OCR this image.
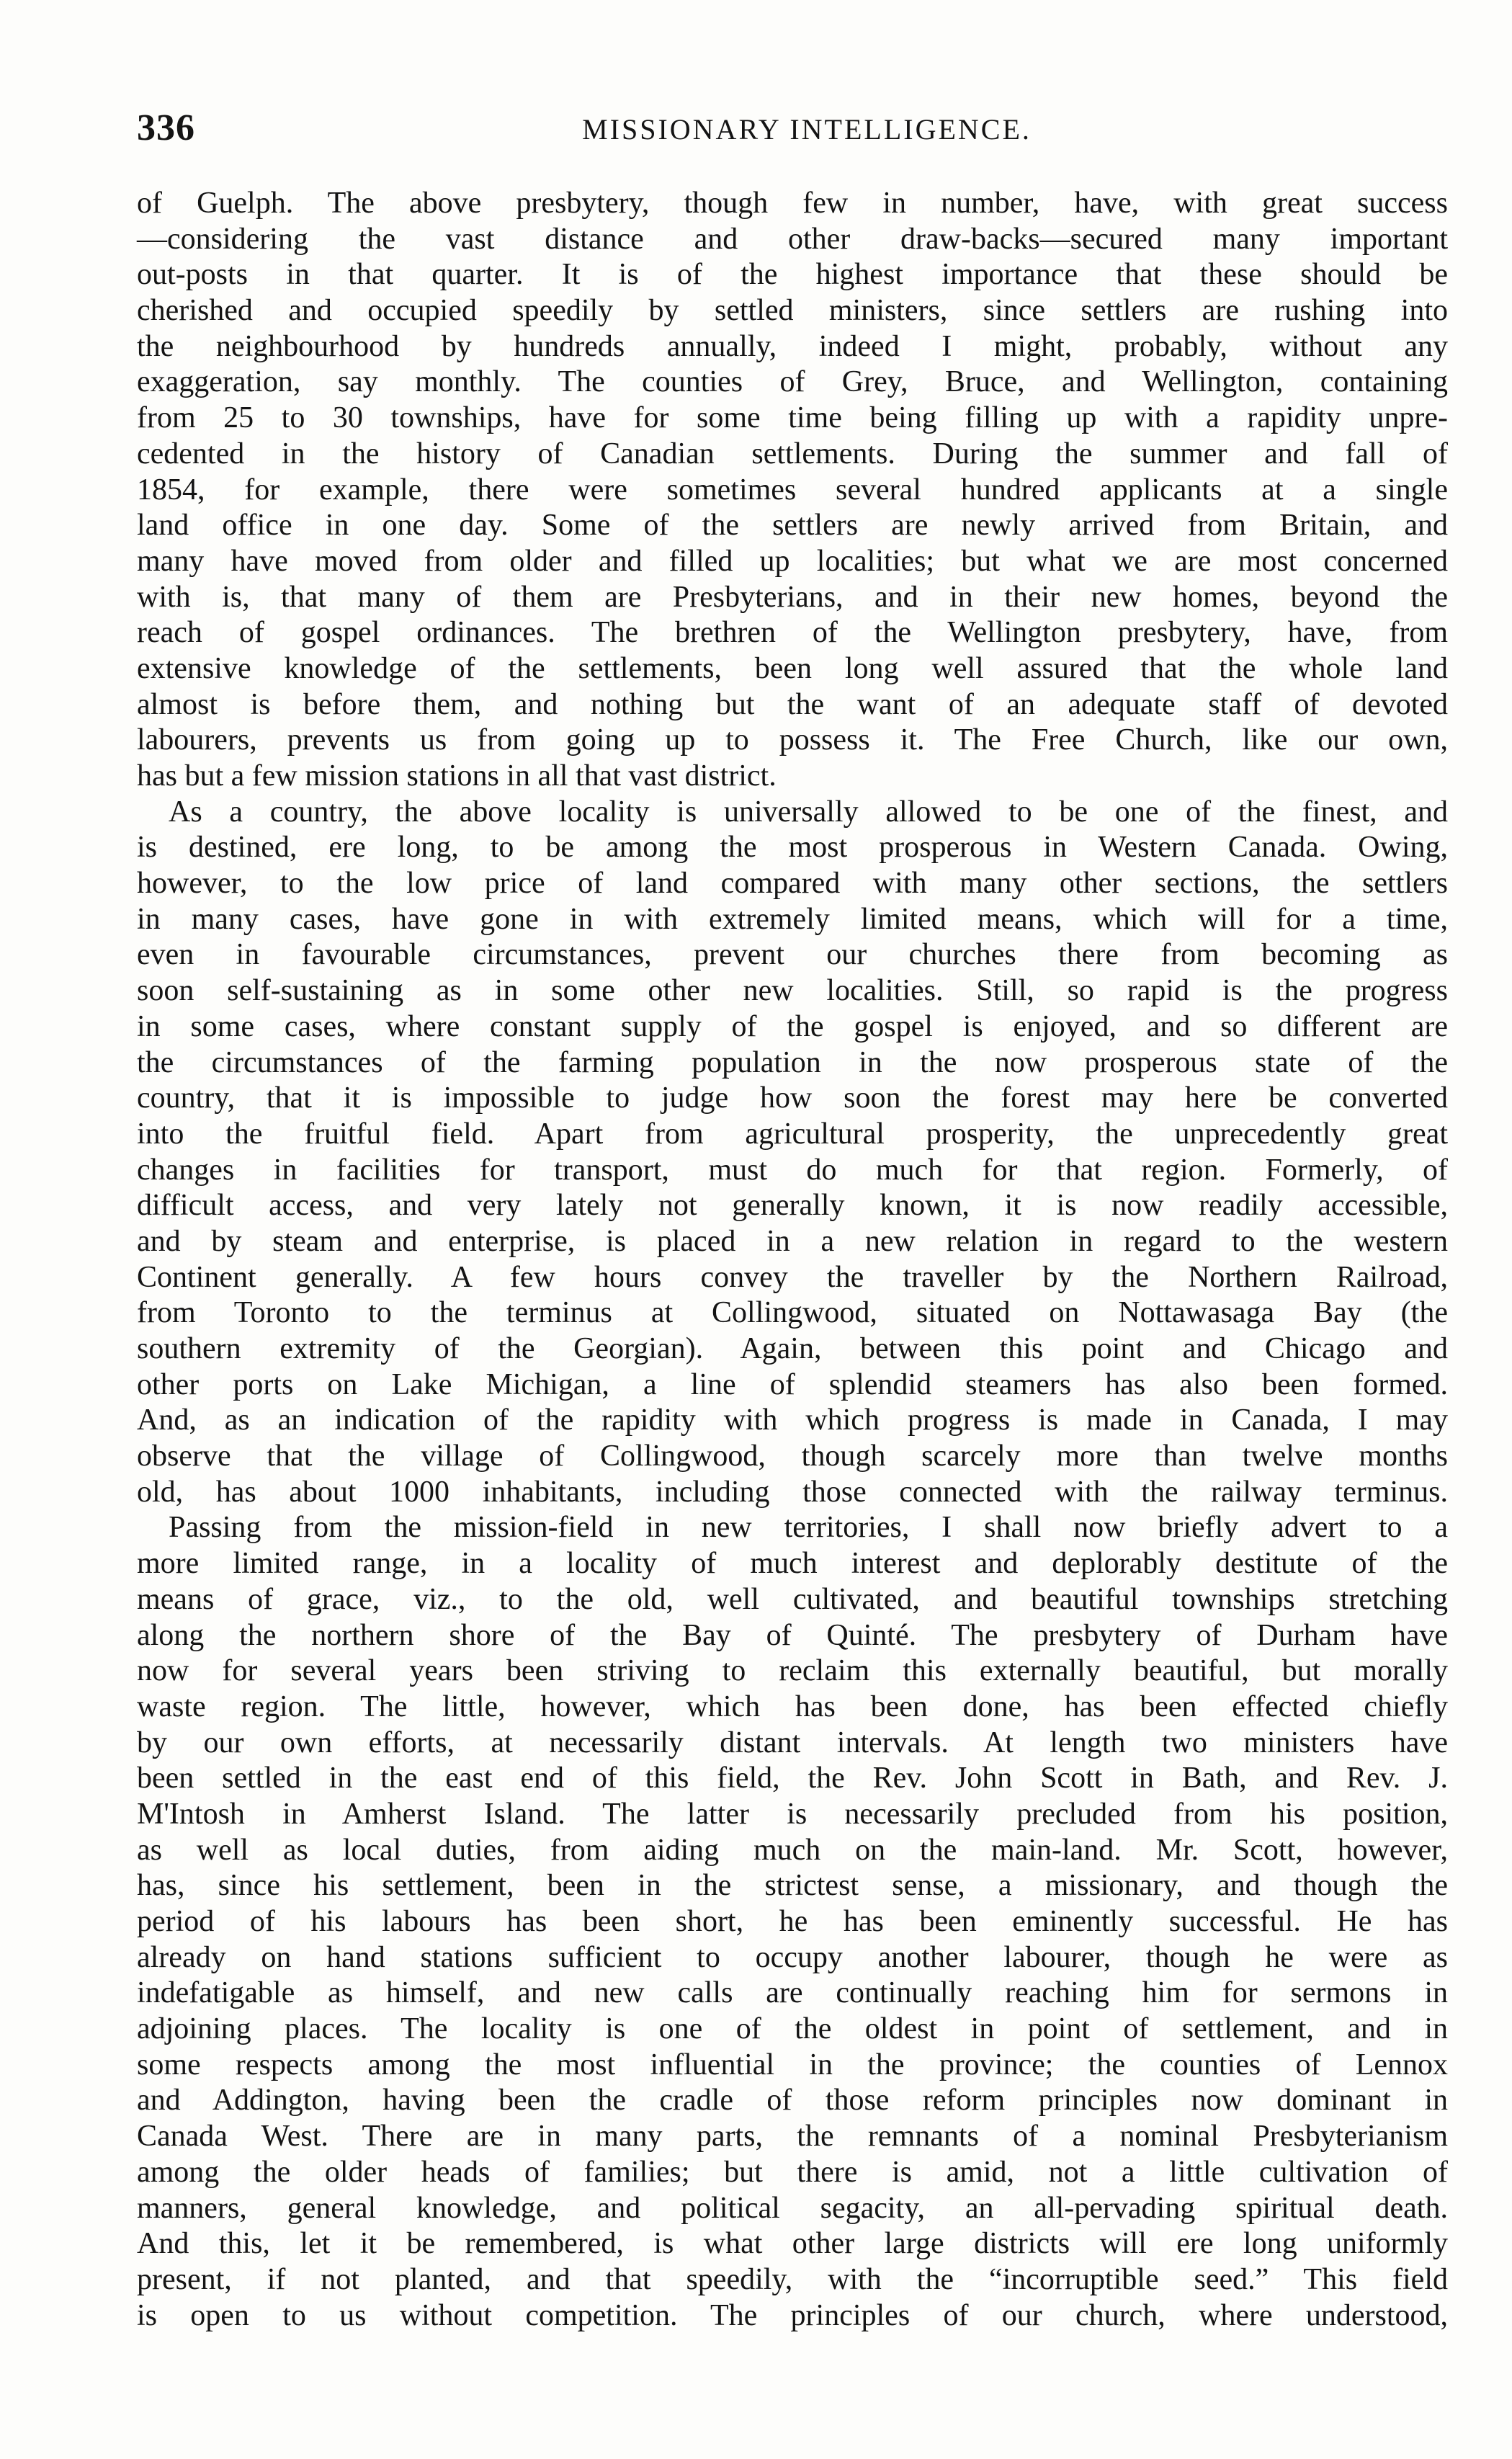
336	MISSIONARY INTELLIGENCE.
of Guelph. The above presbytery, though few in number, have, with great success
—considering the vast distance and other draw-backs—secured many important
out-posts in that quarter. It is of the highest importance that these should be
cherished and occupied speedily by settled ministers, since settlers are rushing into
the neighbourhood by hundreds annually, indeed I might, probably, without any
exaggeration, say monthly. The counties of Grey, Bruce, and Wellington, containing
from 25 to 30 townships, have for some time being filling up with a rapidity unpre-
cedented in the history of Canadian settlements. During the summer and fall of
1854, for example, there were sometimes several hundred applicants at a single
land office in one day. Some of the settlers are newly arrived from Britain, and
many have moved from older and filled up localities; but what we are most concerned
with is, that many of them are Presbyterians, and in their new homes, beyond the
reach of gospel ordinances. The brethren of the Wellington presbytery, have, from
extensive knowledge of the settlements, been long well assured that the whole land
almost is before them, and nothing but the want of an adequate staff of devoted
labourers, prevents us from going up to possess it. The Free Church, like our own,
has but a few mission stations in all that vast district.
As a country, the above locality is universally allowed to be one of the finest, and
is destined, ere long, to be among the most prosperous in Western Canada. Owing,
however, to the low price of land compared with many other sections, the settlers
in many cases, have gone in with extremely limited means, which will for a time,
even in favourable circumstances, prevent our churches there from becoming as
soon self-sustaining as in some other new localities. Still, so rapid is the progress
in some cases, where constant supply of the gospel is enjoyed, and so different are
the circumstances of the farming population in the now prosperous state of the
country, that it is impossible to judge how soon the forest may here be converted
into the fruitful field. Apart from agricultural prosperity, the unprecedently great
changes in facilities for transport, must do much for that region. Formerly, of
difficult access, and very lately not generally known, it is now readily accessible,
and by steam and enterprise, is placed in a new relation in regard to the western
Continent generally. A few hours convey the traveller by the Northern Railroad,
from Toronto to the terminus at Collingwood, situated on Nottawasaga Bay (the
southern extremity of the Georgian). Again, between this point and Chicago and
other ports on Lake Michigan, a line of splendid steamers has also been formed.
And, as an indication of the rapidity with which progress is made in Canada, I may
observe that the village of Collingwood, though scarcely more than twelve months
old, has about 1000 inhabitants, including those connected with the railway terminus.
Passing from the mission-field in new territories, I shall now briefly advert to a
more limited range, in a locality of much interest and deplorably destitute of the
means of grace, viz., to the old, well cultivated, and beautiful townships stretching
along the northern shore of the Bay of Quinté. The presbytery of Durham have
now for several years been striving to reclaim this externally beautiful, but morally
waste region. The little, however, which has been done, has been effected chiefly
by our own efforts, at necessarily distant intervals. At length two ministers have
been settled in the east end of this field, the Rev. John Scott in Bath, and Rev. J.
M'Intosh in Amherst Island. The latter is necessarily precluded from his position,
as well as local duties, from aiding much on the main-land. Mr. Scott, however,
has, since his settlement, been in the strictest sense, a missionary, and though the
period of his labours has been short, he has been eminently successful. He has
already on hand stations sufficient to occupy another labourer, though he were as
indefatigable as himself, and new calls are continually reaching him for sermons in
adjoining places. The locality is one of the oldest in point of settlement, and in
some respects among the most influential in the province; the counties of Lennox
and Addington, having been the cradle of those reform principles now dominant in
Canada West. There are in many parts, the remnants of a nominal Presbyterianism
among the older heads of families; but there is amid, not a little cultivation of
manners, general knowledge, and political segacity, an all-pervading spiritual death.
And this, let it be remembered, is what other large districts will ere long uniformly
present, if not planted, and that speedily, with the “incorruptible seed.” This field
is open to us without competition. The principles of our church, where understood,
